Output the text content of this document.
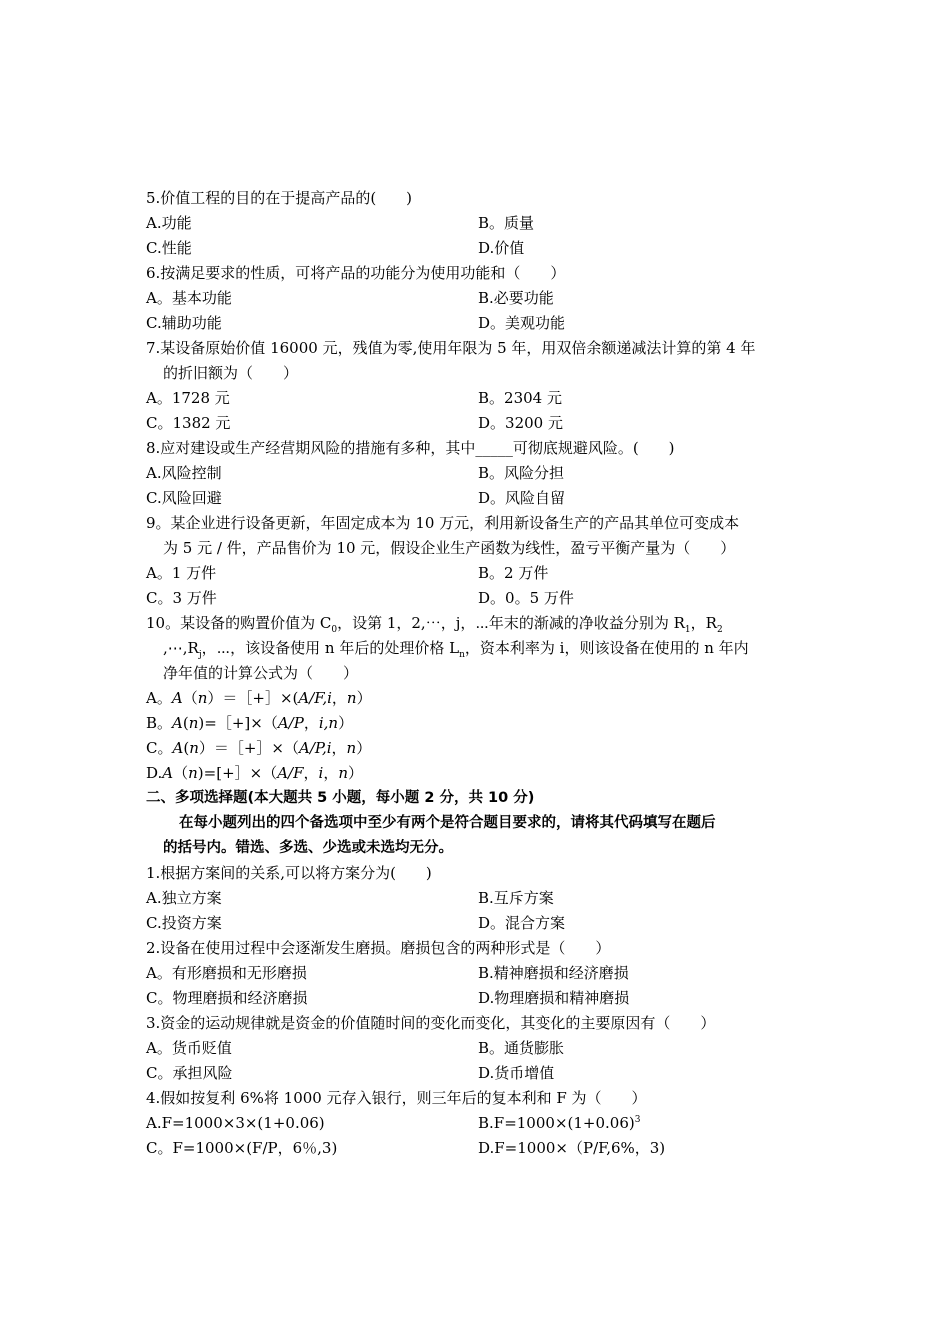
5.价值工程的目的在于提高产品的(　　)
A.功能	B。质量
C.性能	D.价值
6.按满足要求的性质，可将产品的功能分为使用功能和（　　）
A。基本功能	B.必要功能
C.辅助功能	D。美观功能
7.某设备原始价值 16000 元，残值为零,使用年限为 5 年，用双倍余额递减法计算的第 4 年
的折旧额为（　　）
A。1728 元	B。2304 元
C。1382 元	D。3200 元
8.应对建设或生产经营期风险的措施有多种，其中_____可彻底规避风险。(　　)
A.风险控制	B。风险分担
C.风险回避	D。风险自留
9。某企业进行设备更新，年固定成本为 10 万元，利用新设备生产的产品其单位可变成本
为 5 元 / 件，产品售价为 10 元，假设企业生产函数为线性，盈亏平衡产量为（　　）
A。1 万件	B。2 万件
C。3 万件	D。0。5 万件
10。某设备的购置价值为 $C_0$，设第 1，2,⋯，j，⋯年末的渐减的净收益分别为 $R_1$，$R_2$
$,\cdots,R_j$，⋯，该设备使用 n 年后的处理价格 $L_n$，资本利率为 i，则该设备在使用的 n 年内
净年值的计算公式为（　　）
A。A（n）＝［+］×(A/F,i，n）
B。A(n)=［+]×（A/P，i,n）
C。A(n）＝［+］×（A/P,i，n）
D.A（n)=[+］×（A/F，i，n）
二、多项选择题(本大题共 5 小题，每小题 2 分，共 10 分)
在每小题列出的四个备选项中至少有两个是符合题目要求的，请将其代码填写在题后
的括号内。错选、多选、少选或未选均无分。
1.根据方案间的关系,可以将方案分为(　　)
A.独立方案	B.互斥方案
C.投资方案	D。混合方案
2.设备在使用过程中会逐渐发生磨损。磨损包含的两种形式是（　　）
A。有形磨损和无形磨损	B.精神磨损和经济磨损
C。物理磨损和经济磨损	D.物理磨损和精神磨损
3.资金的运动规律就是资金的价值随时间的变化而变化，其变化的主要原因有（　　）
A。货币贬值	B。通货膨胀
C。承担风险	D.货币增值
4.假如按复利 6%将 1000 元存入银行，则三年后的复本利和 F 为（　　）
A.F=1000×3×(1+0.06)	$B.F=1000\times(1+0.06)^3$
C。F=1000×(F/P，6％,3)	D.F=1000×（P/F,6%，3)
